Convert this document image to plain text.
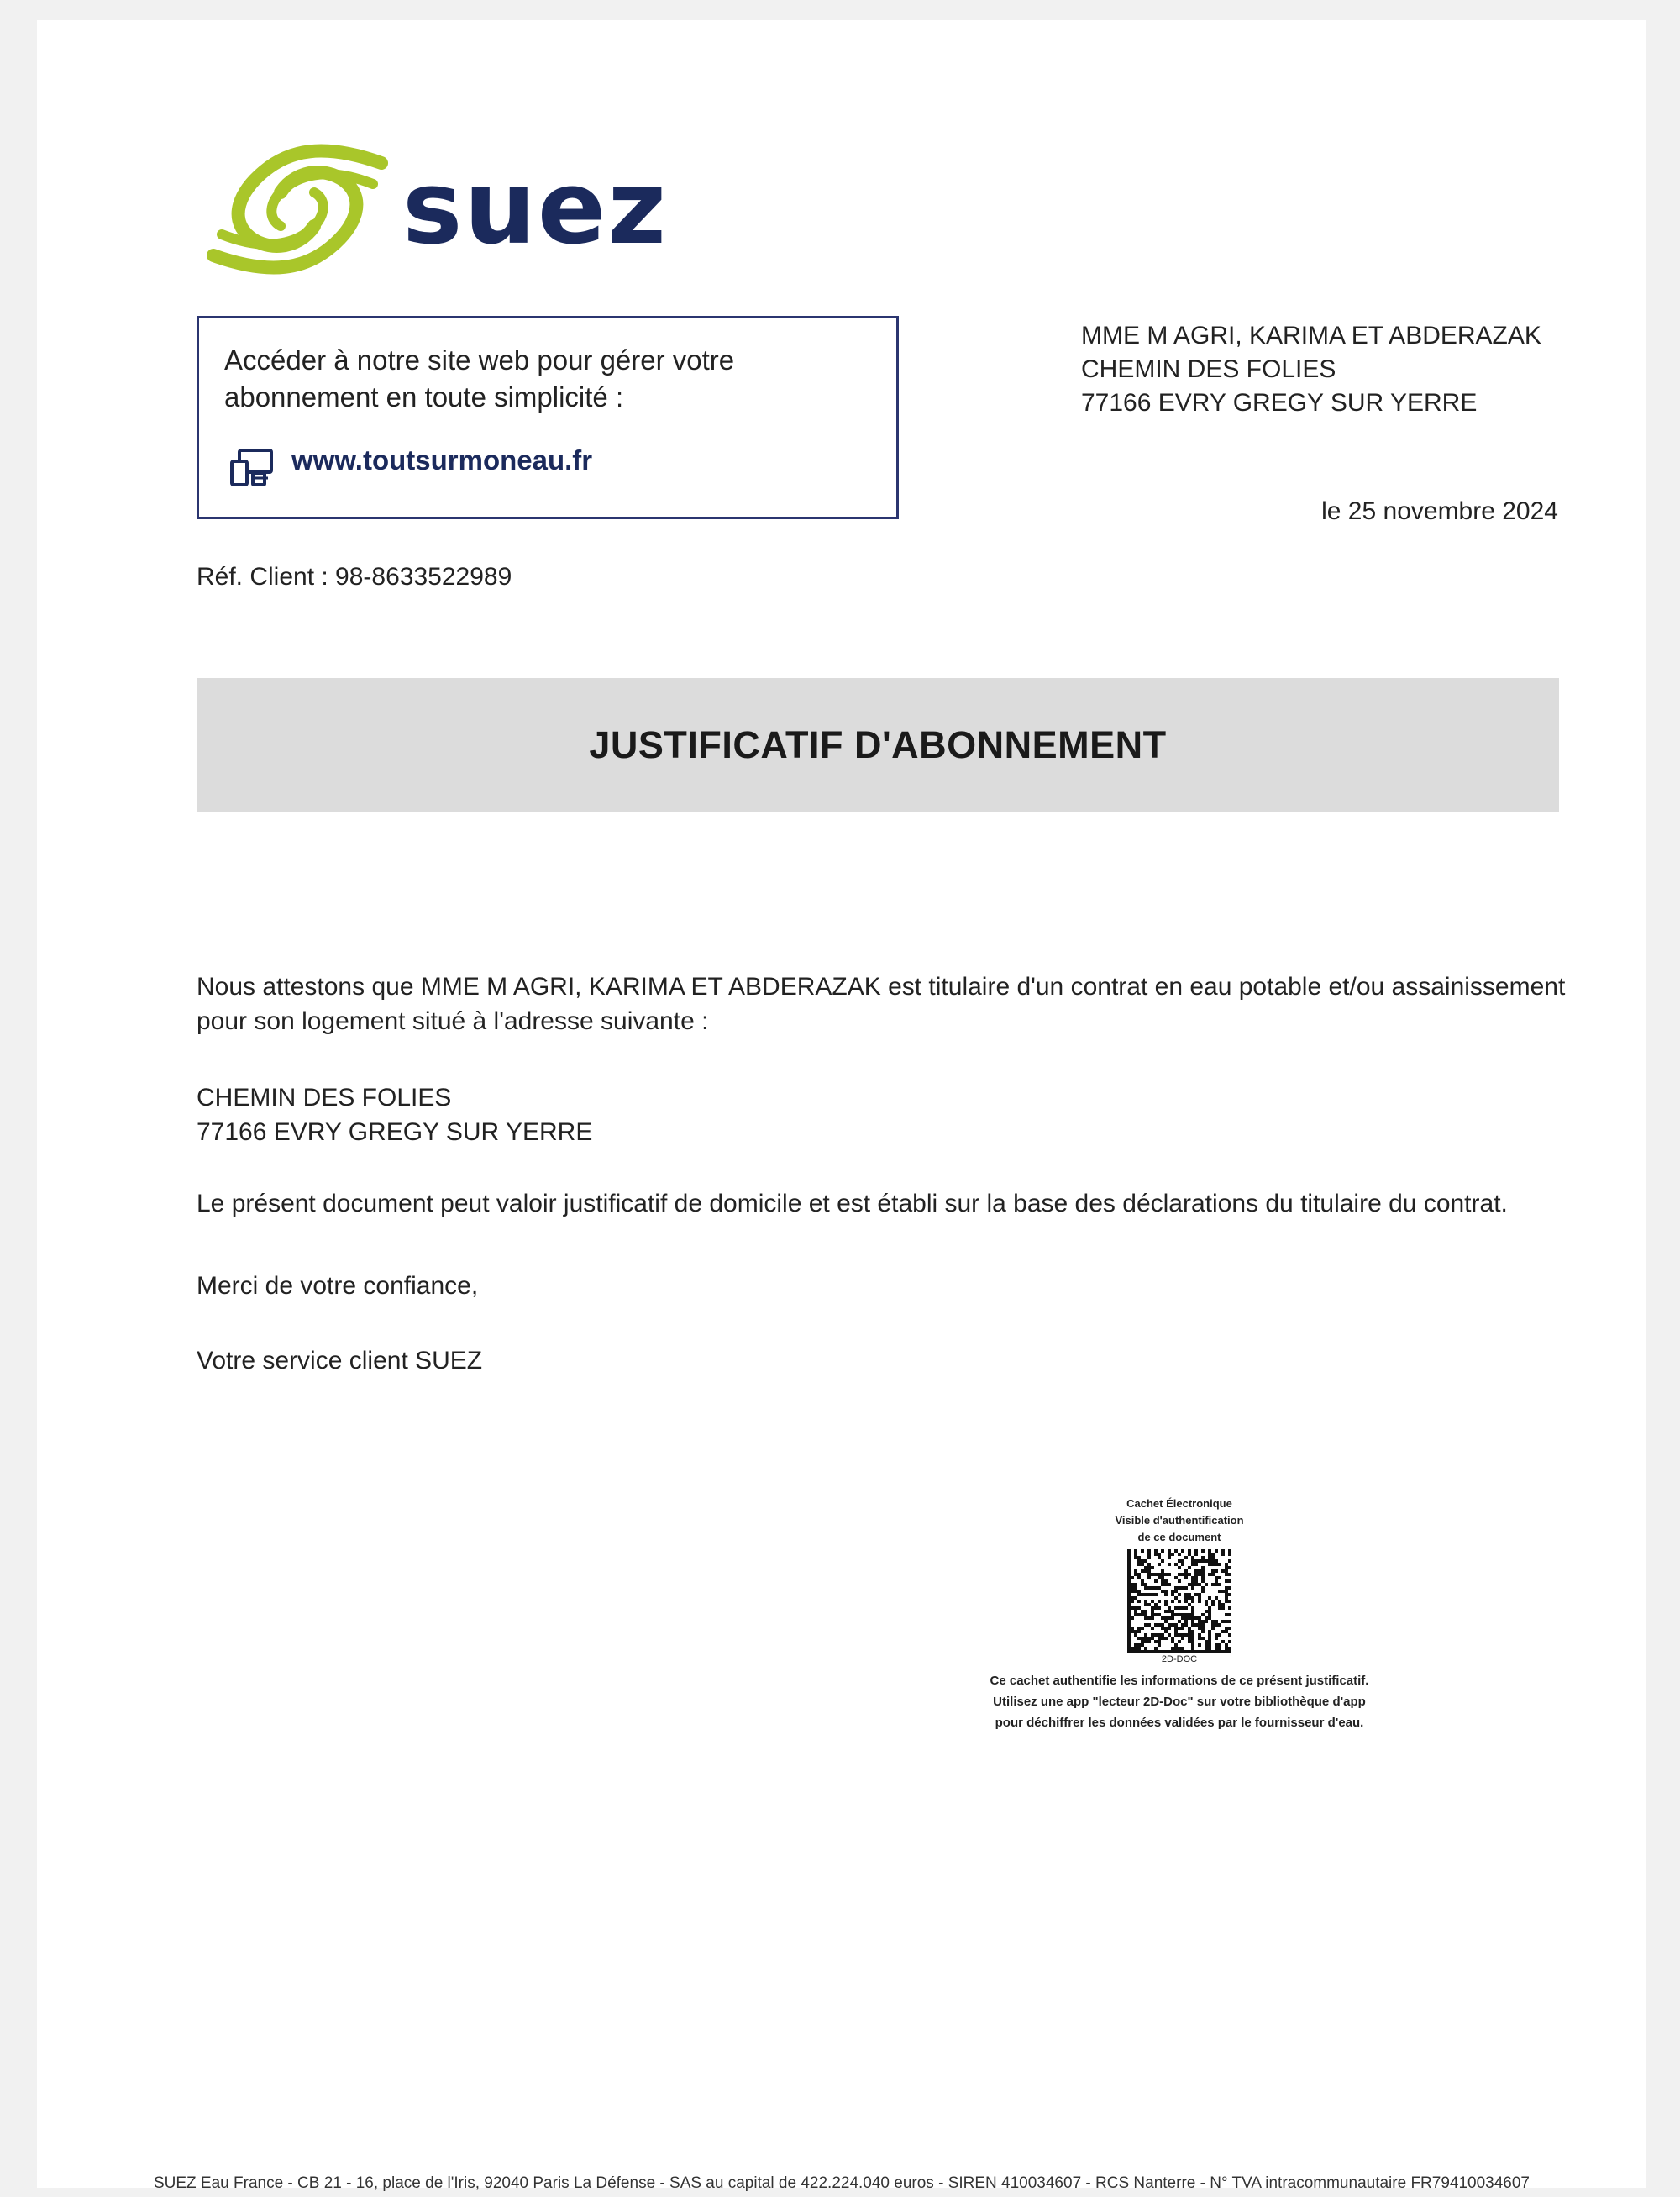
suez
Accéder à notre site web pour gérer votre
abonnement en toute simplicité :
www.toutsurmoneau.fr
MME M AGRI, KARIMA ET ABDERAZAK
CHEMIN DES FOLIES
77166 EVRY GREGY SUR YERRE
le 25 novembre 2024
Réf. Client : 98-8633522989
JUSTIFICATIF D'ABONNEMENT
Nous attestons que MME M AGRI, KARIMA ET ABDERAZAK est titulaire d'un contrat en eau potable et/ou assainissement
pour son logement situé à l'adresse suivante :
CHEMIN DES FOLIES
77166 EVRY GREGY SUR YERRE
Le présent document peut valoir justificatif de domicile et est établi sur la base des déclarations du titulaire du contrat.
Merci de votre confiance,
Votre service client SUEZ
Cachet Électronique
Visible d'authentification
de ce document
2D-DOC
Ce cachet authentifie les informations de ce présent justificatif.
Utilisez une app "lecteur 2D-Doc" sur votre bibliothèque d'app
pour déchiffrer les données validées par le fournisseur d'eau.
SUEZ Eau France - CB 21 - 16, place de l'Iris, 92040 Paris La Défense - SAS au capital de 422.224.040 euros - SIREN 410034607 - RCS Nanterre - N° TVA intracommunautaire FR79410034607
